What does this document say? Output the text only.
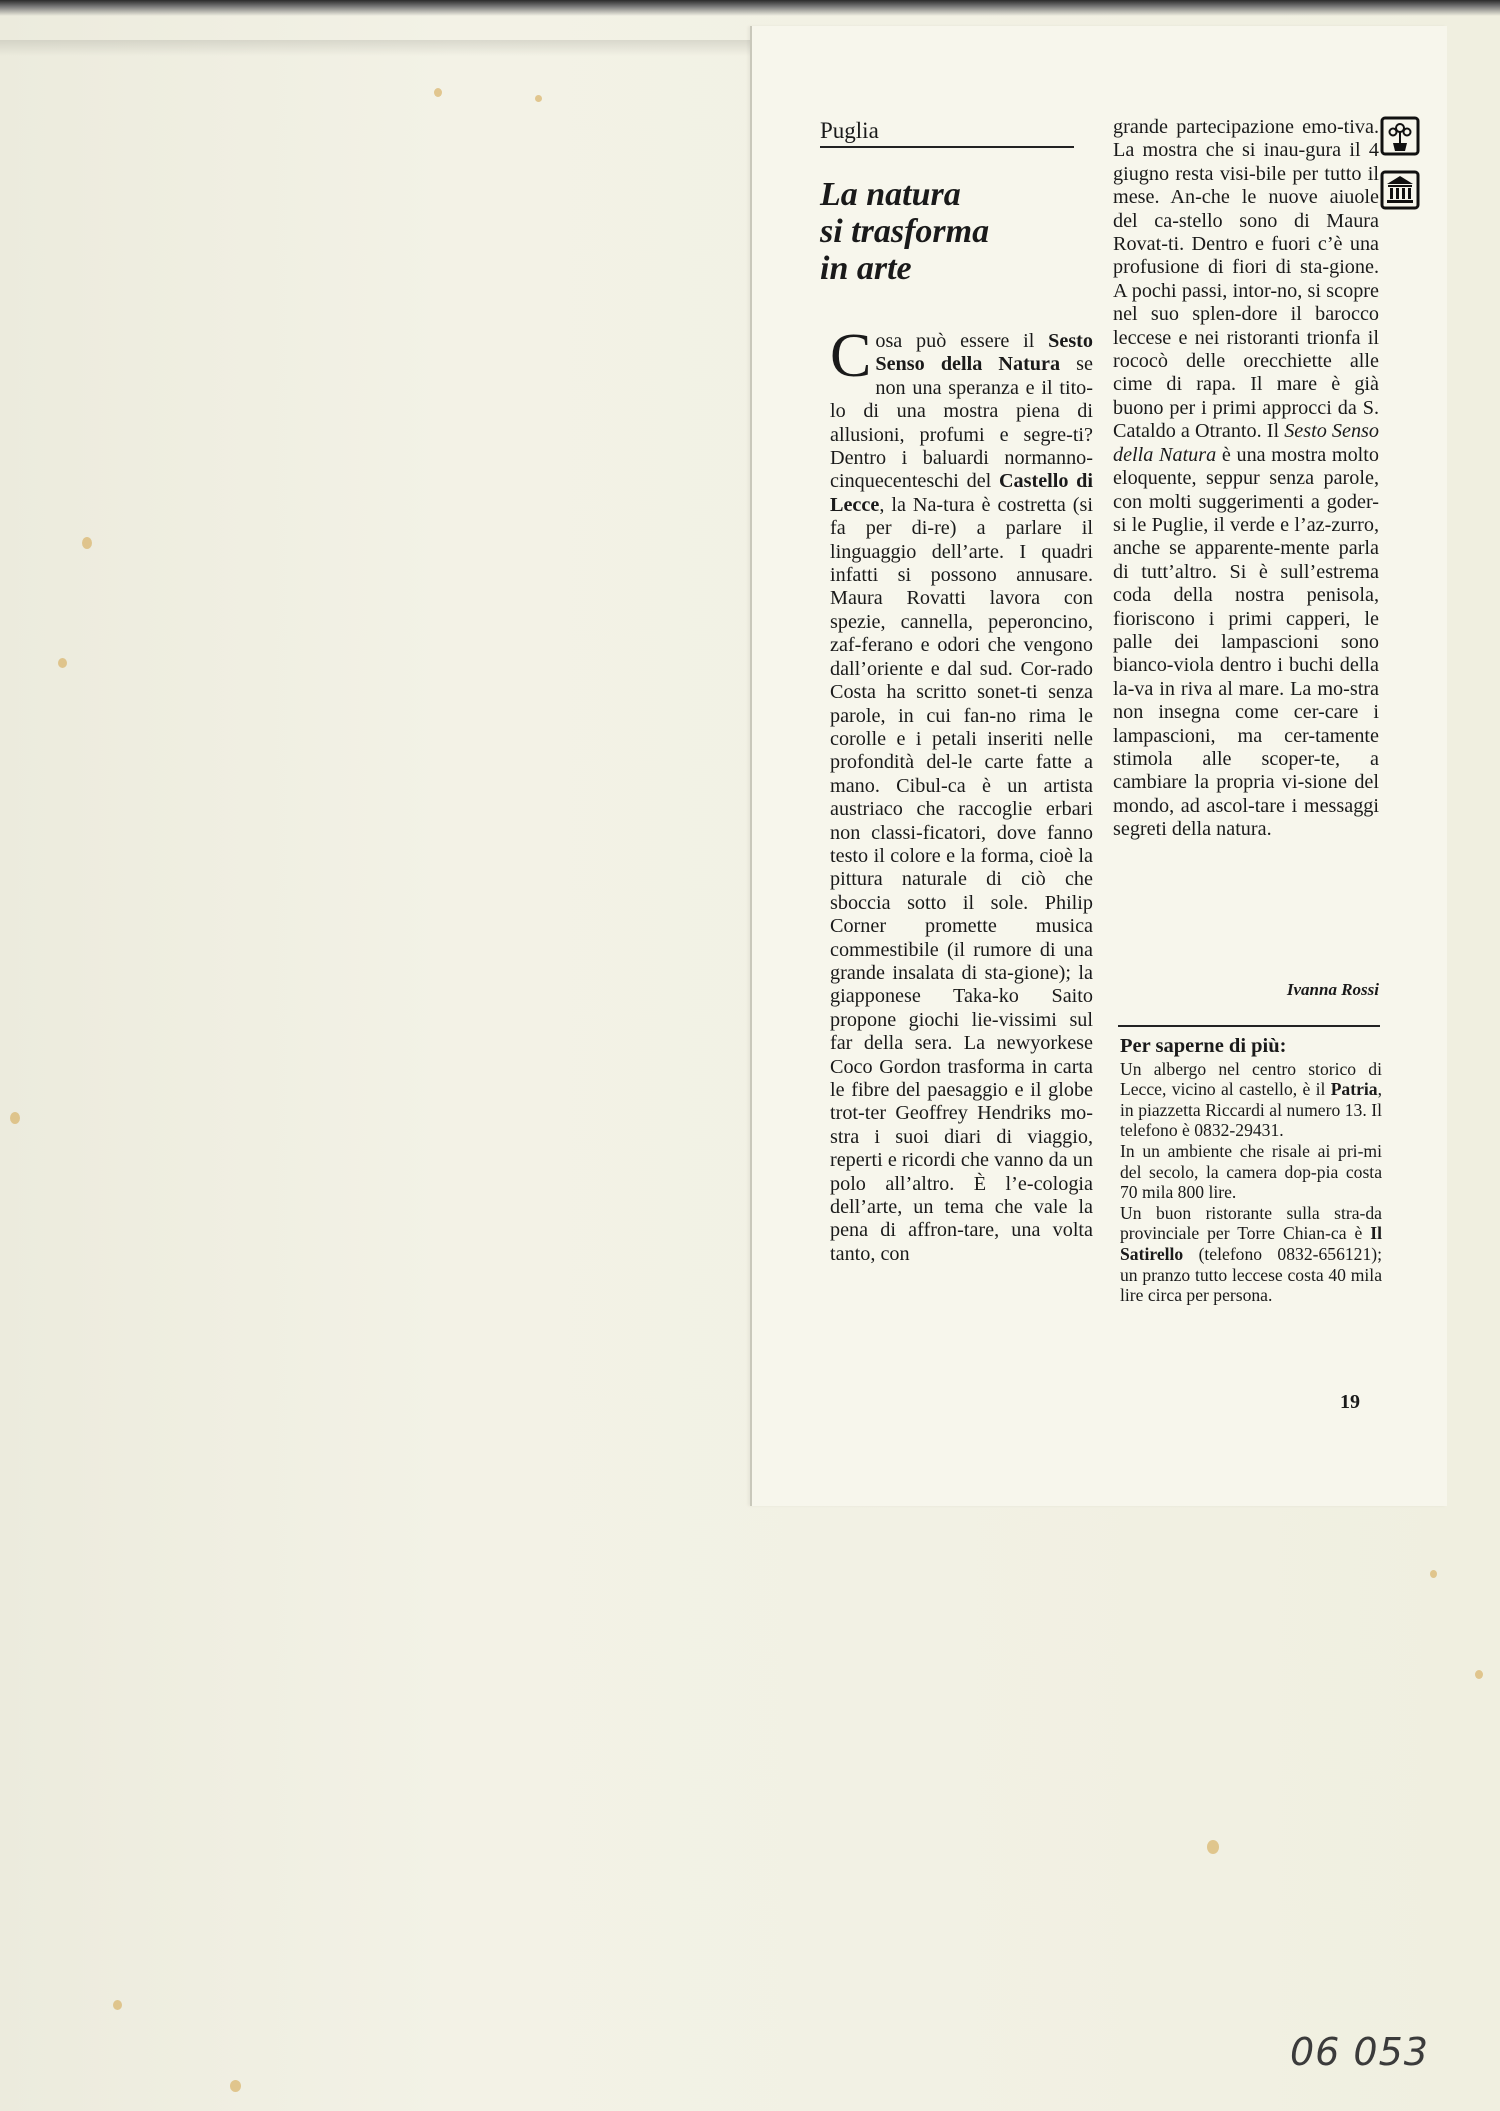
Puglia
La natura
si trasforma
in arte

Cosa può essere il Sesto Senso della Natura se non una speranza e il tito-lo di una mostra piena di allusioni, profumi e segre-ti? Dentro i baluardi normanno-cinquecenteschi del Castello di Lecce, la Na-tura è costretta (si fa per di-re) a parlare il linguaggio dell’arte. I quadri infatti si possono annusare. Maura Rovatti lavora con spezie, cannella, peperoncino, zaf-ferano e odori che vengono dall’oriente e dal sud. Cor-rado Costa ha scritto sonet-ti senza parole, in cui fan-no rima le corolle e i petali inseriti nelle profondità del-le carte fatte a mano. Cibul-ca è un artista austriaco che raccoglie erbari non classi-ficatori, dove fanno testo il colore e la forma, cioè la pittura naturale di ciò che sboccia sotto il sole. Philip Corner promette musica commestibile (il rumore di una grande insalata di sta-gione); la giapponese Taka-ko Saito propone giochi lie-vissimi sul far della sera. La newyorkese Coco Gordon trasforma in carta le fibre del paesaggio e il globe trot-ter Geoffrey Hendriks mo-stra i suoi diari di viaggio, reperti e ricordi che vanno da un polo all’altro. È l’e-cologia dell’arte, un tema che vale la pena di affron-tare, una volta tanto, con

grande partecipazione emo-tiva. La mostra che si inau-gura il 4 giugno resta visi-bile per tutto il mese. An-che le nuove aiuole del ca-stello sono di Maura Rovat-ti. Dentro e fuori c’è una profusione di fiori di sta-gione. A pochi passi, intor-no, si scopre nel suo splen-dore il barocco leccese e nei ristoranti trionfa il rococò delle orecchiette alle cime di rapa. Il mare è già buono per i primi approcci da S. Cataldo a Otranto. Il Sesto Senso della Natura è una mostra molto eloquente, seppur senza parole, con molti suggerimenti a goder-si le Puglie, il verde e l’az-zurro, anche se apparente-mente parla di tutt’altro. Si è sull’estrema coda della nostra penisola, fioriscono i primi capperi, le palle dei lampascioni sono bianco-viola dentro i buchi della la-va in riva al mare. La mo-stra non insegna come cer-care i lampascioni, ma cer-tamente stimola alle scoper-te, a cambiare la propria vi-sione del mondo, ad ascol-tare i messaggi segreti della natura.

Ivanna Rossi
Per saperne di più:

Un albergo nel centro storico di Lecce, vicino al castello, è il Patria, in piazzetta Riccardi al numero 13. Il telefono è 0832-29431.

In un ambiente che risale ai pri-mi del secolo, la camera dop-pia costa 70 mila 800 lire.

Un buon ristorante sulla stra-da provinciale per Torre Chian-ca è Il Satirello (telefono 0832-656121); un pranzo tutto leccese costa 40 mila lire circa per persona.

19
06 053
